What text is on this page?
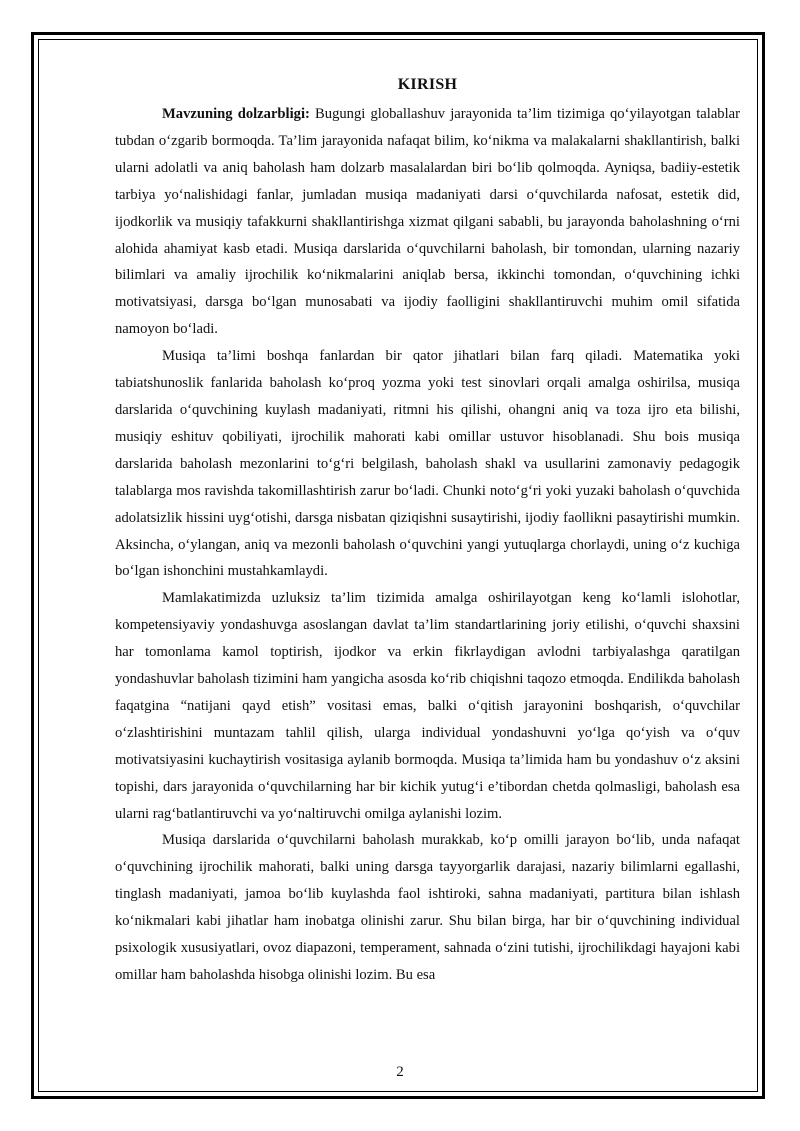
KIRISH

Mavzuning dolzarbligi: Bugungi globallashuv jarayonida ta’lim tizimiga qo‘yilayotgan talablar tubdan o‘zgarib bormoqda. Ta’lim jarayonida nafaqat bilim, ko‘nikma va malakalarni shakllantirish, balki ularni adolatli va aniq baholash ham dolzarb masalalardan biri bo‘lib qolmoqda. Ayniqsa, badiiy-estetik tarbiya yo‘nalishidagi fanlar, jumladan musiqa madaniyati darsi o‘quvchilarda nafosat, estetik did, ijodkorlik va musiqiy tafakkurni shakllantirishga xizmat qilgani sababli, bu jarayonda baholashning o‘rni alohida ahamiyat kasb etadi. Musiqa darslarida o‘quvchilarni baholash, bir tomondan, ularning nazariy bilimlari va amaliy ijrochilik ko‘nikmalarini aniqlab bersa, ikkinchi tomondan, o‘quvchining ichki motivatsiyasi, darsga bo‘lgan munosabati va ijodiy faolligini shakllantiruvchi muhim omil sifatida namoyon bo‘ladi.

Musiqa ta’limi boshqa fanlardan bir qator jihatlari bilan farq qiladi. Matematika yoki tabiatshunoslik fanlarida baholash ko‘proq yozma yoki test sinovlari orqali amalga oshirilsa, musiqa darslarida o‘quvchining kuylash madaniyati, ritmni his qilishi, ohangni aniq va toza ijro eta bilishi, musiqiy eshituv qobiliyati, ijrochilik mahorati kabi omillar ustuvor hisoblanadi. Shu bois musiqa darslarida baholash mezonlarini to‘g‘ri belgilash, baholash shakl va usullarini zamonaviy pedagogik talablarga mos ravishda takomillashtirish zarur bo‘ladi. Chunki noto‘g‘ri yoki yuzaki baholash o‘quvchida adolatsizlik hissini uyg‘otishi, darsga nisbatan qiziqishni susaytirishi, ijodiy faollikni pasaytirishi mumkin. Aksincha, o‘ylangan, aniq va mezonli baholash o‘quvchini yangi yutuqlarga chorlaydi, uning o‘z kuchiga bo‘lgan ishonchini mustahkamlaydi.

Mamlakatimizda uzluksiz ta’lim tizimida amalga oshirilayotgan keng ko‘lamli islohotlar, kompetensiyaviy yondashuvga asoslangan davlat ta’lim standartlarining joriy etilishi, o‘quvchi shaxsini har tomonlama kamol toptirish, ijodkor va erkin fikrlaydigan avlodni tarbiyalashga qaratilgan yondashuvlar baholash tizimini ham yangicha asosda ko‘rib chiqishni taqozo etmoqda. Endilikda baholash faqatgina “natijani qayd etish” vositasi emas, balki o‘qitish jarayonini boshqarish, o‘quvchilar o‘zlashtirishini muntazam tahlil qilish, ularga individual yondashuvni yo‘lga qo‘yish va o‘quv motivatsiyasini kuchaytirish vositasiga aylanib bormoqda. Musiqa ta’limida ham bu yondashuv o‘z aksini topishi, dars jarayonida o‘quvchilarning har bir kichik yutug‘i e’tibordan chetda qolmasligi, baholash esa ularni rag‘batlantiruvchi va yo‘naltiruvchi omilga aylanishi lozim.

Musiqa darslarida o‘quvchilarni baholash murakkab, ko‘p omilli jarayon bo‘lib, unda nafaqat o‘quvchining ijrochilik mahorati, balki uning darsga tayyorgarlik darajasi, nazariy bilimlarni egallashi, tinglash madaniyati, jamoa bo‘lib kuylashda faol ishtiroki, sahna madaniyati, partitura bilan ishlash ko‘nikmalari kabi jihatlar ham inobatga olinishi zarur. Shu bilan birga, har bir o‘quvchining individual psixologik xususiyatlari, ovoz diapazoni, temperament, sahnada o‘zini tutishi, ijrochilikdagi hayajoni kabi omillar ham baholashda hisobga olinishi lozim. Bu esa

2
